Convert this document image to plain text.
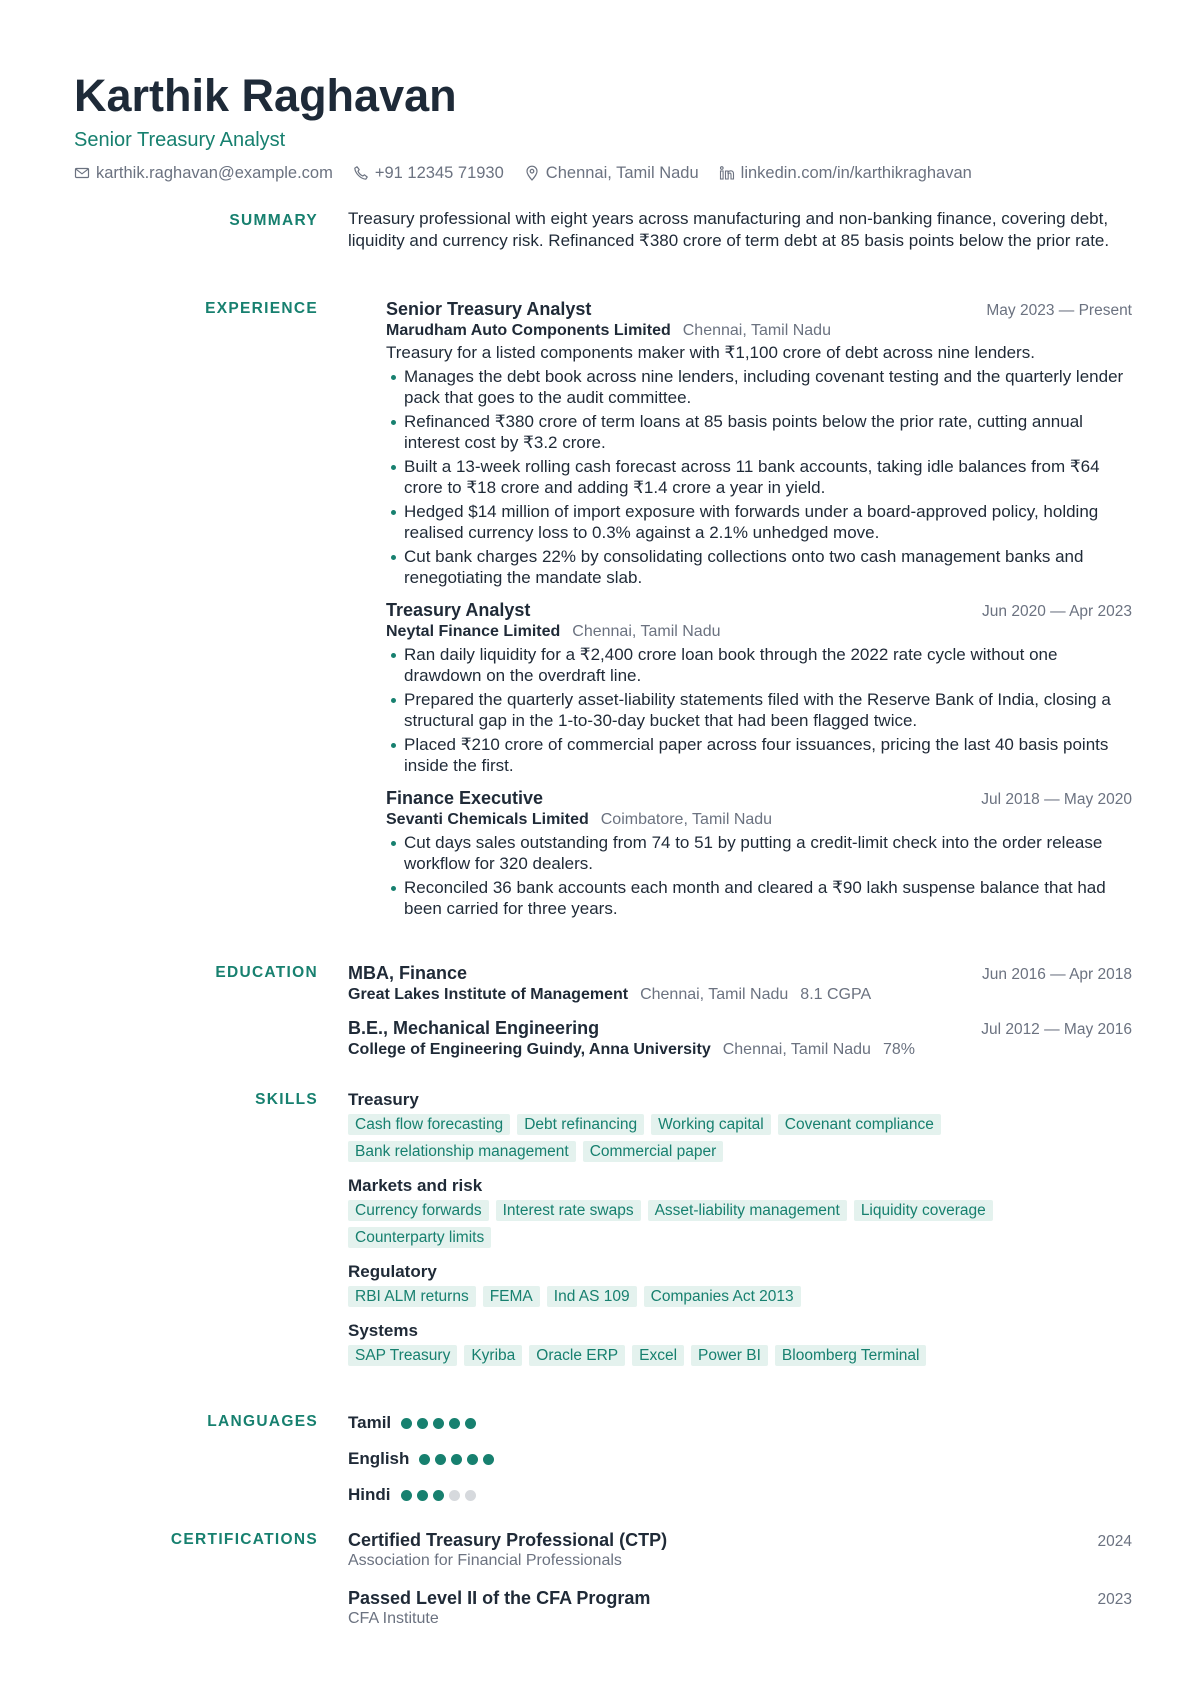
Karthik Raghavan
Senior Treasury Analyst
karthik.raghavan@example.com	+91 12345 71930	Chennai, Tamil Nadu	linkedin.com/in/karthikraghavan
SUMMARY Treasury professional with eight years across manufacturing and non-banking finance, covering debt, liquidity and currency risk. Refinanced ₹380 crore of term debt at 85 basis points below the prior rate.

EXPERIENCE	Senior Treasury Analyst	May 2023 — Present
Marudham Auto Components Limited Chennai, Tamil Nadu
Treasury for a listed components maker with ₹1,100 crore of debt across nine lenders.
Manages the debt book across nine lenders, including covenant testing and the quarterly lender pack that goes to the audit committee.
Refinanced ₹380 crore of term loans at 85 basis points below the prior rate, cutting annual interest cost by ₹3.2 crore.
Built a 13-week rolling cash forecast across 11 bank accounts, taking idle balances from ₹64 crore to ₹18 crore and adding ₹1.4 crore a year in yield.
Hedged $14 million of import exposure with forwards under a board-approved policy, holding realised currency loss to 0.3% against a 2.1% unhedged move.
Cut bank charges 22% by consolidating collections onto two cash management banks and renegotiating the mandate slab.
Treasury Analyst	Jun 2020 — Apr 2023
Neytal Finance Limited Chennai, Tamil Nadu
Ran daily liquidity for a ₹2,400 crore loan book through the 2022 rate cycle without one drawdown on the overdraft line.
Prepared the quarterly asset-liability statements filed with the Reserve Bank of India, closing a structural gap in the 1-to-30-day bucket that had been flagged twice.
Placed ₹210 crore of commercial paper across four issuances, pricing the last 40 basis points inside the first.
Finance Executive	Jul 2018 — May 2020
Sevanti Chemicals Limited Coimbatore, Tamil Nadu
Cut days sales outstanding from 74 to 51 by putting a credit-limit check into the order release workflow for 320 dealers.
Reconciled 36 bank accounts each month and cleared a ₹90 lakh suspense balance that had been carried for three years.
EDUCATION MBA, Finance	Jun 2016 — Apr 2018
Great Lakes Institute of Management Chennai, Tamil Nadu 8.1 CGPA
B.E., Mechanical Engineering	Jul 2012 — May 2016
College of Engineering Guindy, Anna University Chennai, Tamil Nadu 78%
SKILLS Treasury
Cash flow forecasting	Debt refinancing	Working capital	Covenant compliance
Bank relationship management	Commercial paper
Markets and risk
Currency forwards	Interest rate swaps	Asset-liability management	Liquidity coverage
Counterparty limits
Regulatory
RBI ALM returns	FEMA	Ind AS 109	Companies Act 2013
Systems
SAP Treasury	Kyriba	Oracle ERP	Excel	Power BI	Bloomberg Terminal
LANGUAGES Tamil
English
Hindi
CERTIFICATIONS Certified Treasury Professional (CTP)	2024
Association for Financial Professionals
Passed Level II of the CFA Program	2023
CFA Institute
